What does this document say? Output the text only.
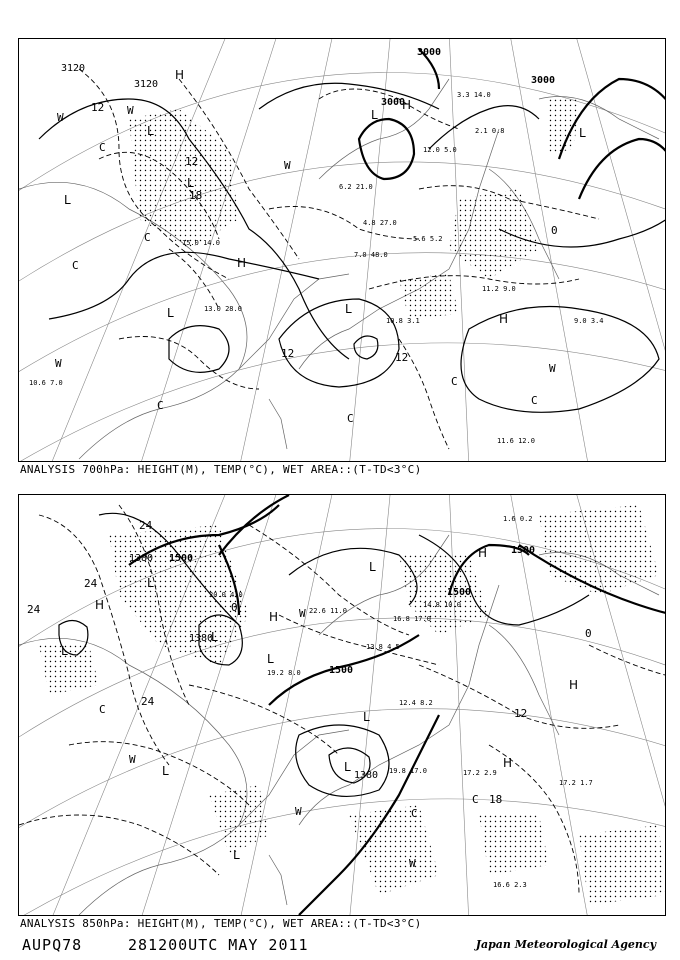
3120
3120
3000
3000
3000
12
18
12
12	12
0
C
C
C
C
C
C
C
W
W
W	W
W
H
L
L
L
H
L
L
L
H
H
L
11.2 9.0
9.0 3.4
11.6 12.0
10.8 3.1
7.0 48.0
6.2 21.0
12.0 5.0
13.0 28.0
15.0 14.0	5.6 5.2
4.8 27.0
3.3 14.0
2.1 0.8
10.6 7.0
ANALYSIS 700hPa: HEIGHT(M), TEMP(°C), WET AREA::(T-TD<3°C)
1500
1380
1500
1500
1500
1380
1380
24
24
24
24
12
18
0
0
C
C
C
W
W
W
W
H
L
L
L
L
L
L
H
H
H
L
L
L
H
17.2 2.9
17.2 1.7
16.6 2.3
19.8 17.0
14.8 10.0
16.8 17.0
12.4 8.2
13.8 4.5
22.6 11.0
19.2 8.0
20.0 4.0
1.6 0.2
ANALYSIS 850hPa: HEIGHT(M), TEMP(°C), WET AREA::(T-TD<3°C)
AUPQ78	281200UTC MAY 2011	Japan Meteorological Agency
